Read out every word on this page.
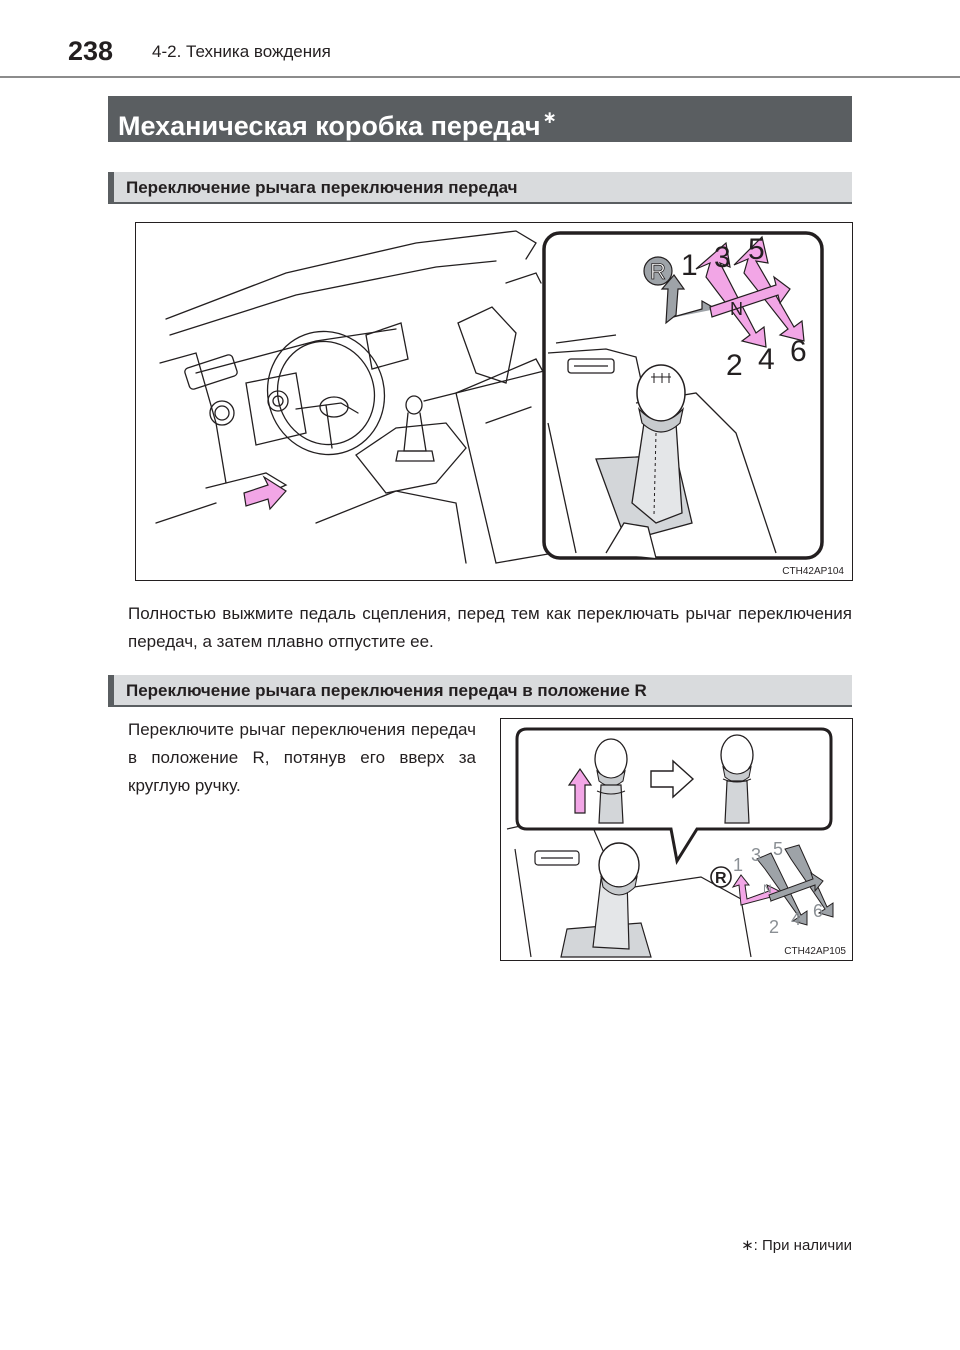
238 4-2. Техника вождения
Механическая коробка передач ∗
Переключение рычага переключения передач
R 1 3 5
N
2 4 6
CTH42AP104
Полностью выжмите педаль сцепления, перед тем как переключать рычаг переключения передач, а затем плавно отпустите ее.
Переключение рычага переключения передач в положение R
Переключите рычаг переключения передач в положение R, потянув его вверх за круглую ручку.
R
1 3 5
N
2 4 6
CTH42AP105
∗: При наличии
